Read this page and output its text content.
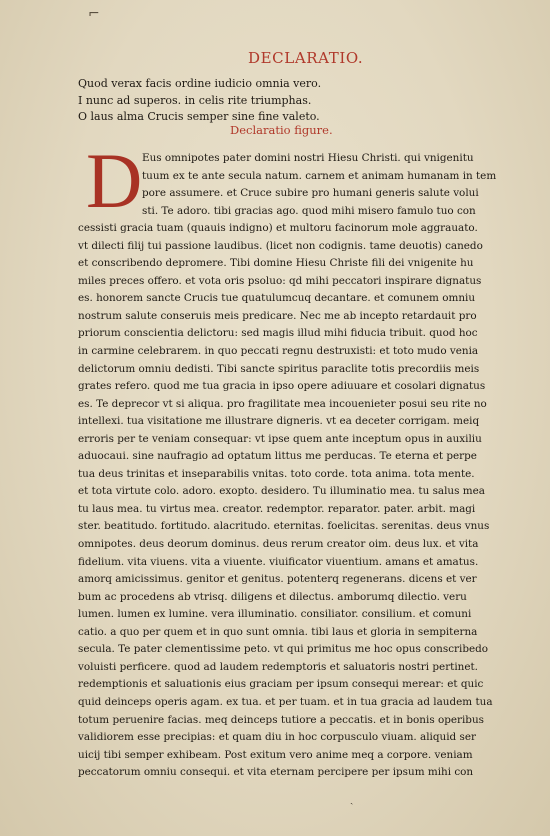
⌐
DECLARATIO.
Quod verax facis ordine iudicio omnia vero.
I nunc ad superos. in celis rite triumphas.
O laus alma Crucis semper sine fine valeto.
Declaratio figure.
D Eus omnipotes pater domini nostri Hiesu Christi. qui vnigenitu
tuum ex te ante secula natum. carnem et animam humanam in tem
pore assumere. et Cruce subire pro humani generis salute volui
sti. Te adoro. tibi gracias ago. quod mihi misero famulo tuo con
cessisti gracia tuam (quauis indigno) et multoru facinorum mole aggrauato.
vt dilecti filij tui passione laudibus. (licet non codignis. tame deuotis) canedo
et conscribendo depromere. Tibi domine Hiesu Christe fili dei vnigenite hu
miles preces offero. et vota oris psoluo: qd mihi peccatori inspirare dignatus
es. honorem sancte Crucis tue quatulumcuq decantare. et comunem omniu
nostrum salute conseruis meis predicare. Nec me ab incepto retardauit pro
priorum conscientia delictoru: sed magis illud mihi fiducia tribuit. quod hoc
in carmine celebrarem. in quo peccati regnu destruxisti: et toto mudo venia
delictorum omniu dedisti. Tibi sancte spiritus paraclite totis precordiis meis
grates refero. quod me tua gracia in ipso opere adiuuare et cosolari dignatus
es. Te deprecor vt si aliqua. pro fragilitate mea incouenieter posui seu rite no
intellexi. tua visitatione me illustrare digneris. vt ea deceter corrigam. meiq
erroris per te veniam consequar: vt ipse quem ante inceptum opus in auxiliu
aduocaui. sine naufragio ad optatum littus me perducas. Te eterna et perpe
tua deus trinitas et inseparabilis vnitas. toto corde. tota anima. tota mente.
et tota virtute colo. adoro. exopto. desidero. Tu illuminatio mea. tu salus mea
tu laus mea. tu virtus mea. creator. redemptor. reparator. pater. arbit. magi
ster. beatitudo. fortitudo. alacritudo. eternitas. foelicitas. serenitas. deus vnus
omnipotes. deus deorum dominus. deus rerum creator oim. deus lux. et vita
fidelium. vita viuens. vita a viuente. viuificator viuentium. amans et amatus.
amorq amicissimus. genitor et genitus. potenterq regenerans. dicens et ver
bum ac procedens ab vtrisq. diligens et dilectus. amborumq dilectio. veru
lumen. lumen ex lumine. vera illuminatio. consiliator. consilium. et comuni
catio. a quo per quem et in quo sunt omnia. tibi laus et gloria in sempiterna
secula. Te pater clementissime peto. vt qui primitus me hoc opus conscribedo
voluisti perficere. quod ad laudem redemptoris et saluatoris nostri pertinet.
redemptionis et saluationis eius graciam per ipsum consequi merear: et quic
quid deinceps operis agam. ex tua. et per tuam. et in tua gracia ad laudem tua
totum peruenire facias. meq deinceps tutiore a peccatis. et in bonis operibus
validiorem esse precipias: et quam diu in hoc corpusculo viuam. aliquid ser
uicij tibi semper exhibeam. Post exitum vero anime meq a corpore. veniam
peccatorum omniu consequi. et vita eternam percipere per ipsum mihi con
ˎ
